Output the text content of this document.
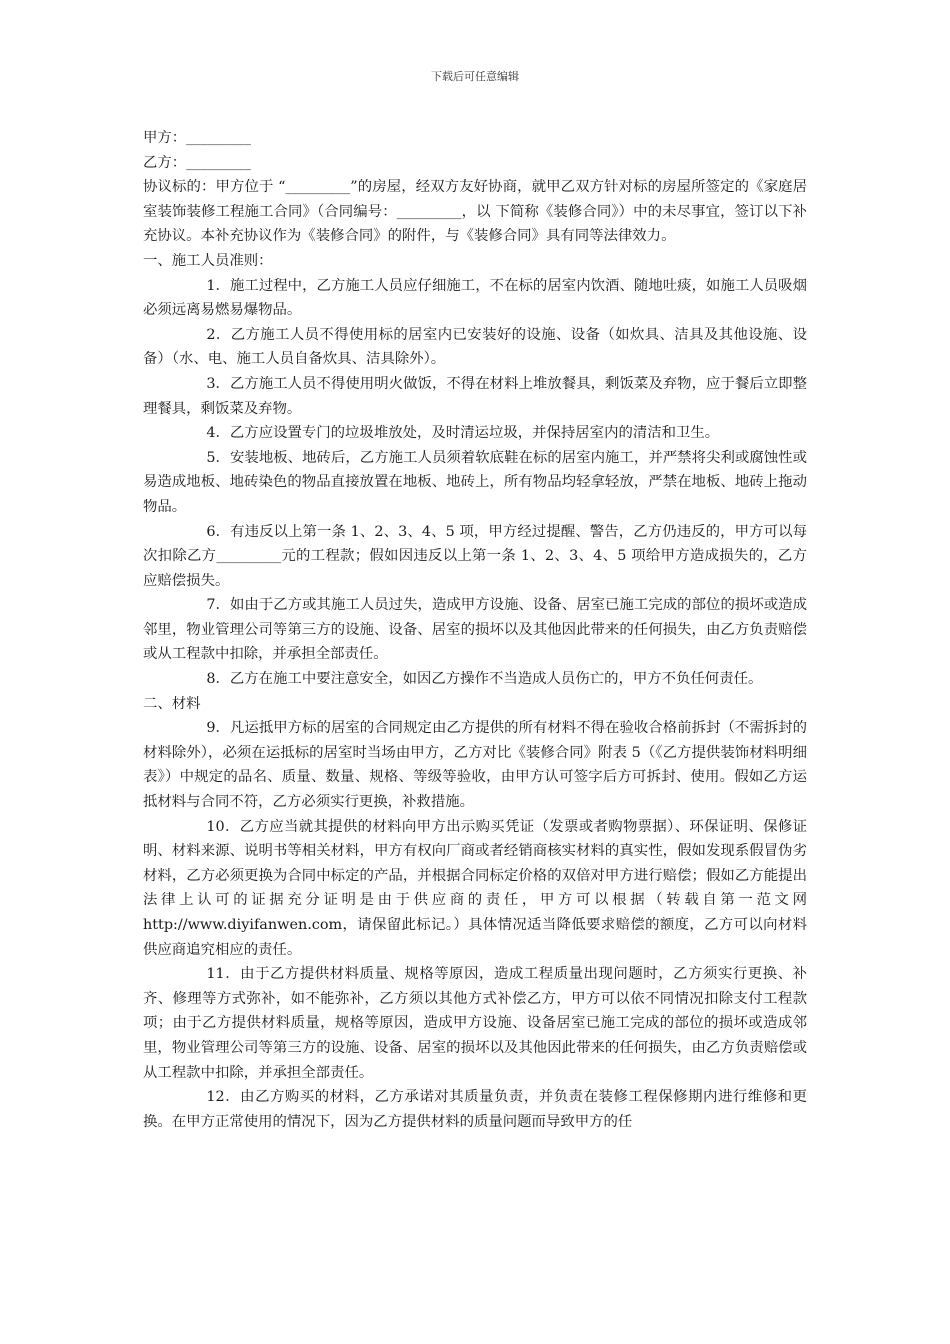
下载后可任意编辑

甲方：_________

乙方：_________

协议标的：甲方位于 “_________”的房屋，经双方友好协商，就甲乙双方针对标的房屋所签定的《家庭居室装饰装修工程施工合同》（合同编号：_________，以 下简称《装修合同》）中的未尽事宜，签订以下补充协议。本补充协议作为《装修合同》的附件，与《装修合同》具有同等法律效力。

一、施工人员准则：

1．施工过程中，乙方施工人员应仔细施工，不在标的居室内饮酒、随地吐痰，如施工人员吸烟必须远离易燃易爆物品。

2．乙方施工人员不得使用标的居室内已安装好的设施、设备（如炊具、洁具及其他设施、设备）（水、电、施工人员自备炊具、洁具除外）。

3．乙方施工人员不得使用明火做饭，不得在材料上堆放餐具，剩饭菜及弃物，应于餐后立即整理餐具，剩饭菜及弃物。

4．乙方应设置专门的垃圾堆放处，及时清运垃圾，并保持居室内的清洁和卫生。

5．安装地板、地砖后，乙方施工人员须着软底鞋在标的居室内施工，并严禁将尖利或腐蚀性或易造成地板、地砖染色的物品直接放置在地板、地砖上，所有物品均轻拿轻放，严禁在地板、地砖上拖动物品。

6．有违反以上第一条 1、2、3、4、5 项，甲方经过提醒、警告，乙方仍违反的，甲方可以每次扣除乙方_________元的工程款；假如因违反以上第一条 1、2、3、4、5 项给甲方造成损失的，乙方应赔偿损失。

7．如由于乙方或其施工人员过失，造成甲方设施、设备、居室已施工完成的部位的损坏或造成邻里，物业管理公司等第三方的设施、设备、居室的损坏以及其他因此带来的任何损失，由乙方负责赔偿或从工程款中扣除，并承担全部责任。

8．乙方在施工中要注意安全，如因乙方操作不当造成人员伤亡的，甲方不负任何责任。

二、材料

9．凡运抵甲方标的居室的合同规定由乙方提供的所有材料不得在验收合格前拆封（不需拆封的材料除外），必须在运抵标的居室时当场由甲方，乙方对比《装修合同》附表 5（《乙方提供装饰材料明细表》）中规定的品名、质量、数量、规格、等级等验收，由甲方认可签字后方可拆封、使用。假如乙方运抵材料与合同不符，乙方必须实行更换，补救措施。

10．乙方应当就其提供的材料向甲方出示购买凭证（发票或者购物票据）、环保证明、保修证明、材料来源、说明书等相关材料，甲方有权向厂商或者经销商核实材料的真实性，假如发现系假冒伪劣材料，乙方必须更换为合同中标定的产品，并根据合同标定价格的双倍对甲方进行赔偿；假如乙方能提出法律上认可的证据充分证明是由于供应商的责任，甲方可以根据（转载自第一范文网 http://www.diyifanwen.com，请保留此标记。）具体情况适当降低要求赔偿的额度，乙方可以向材料供应商追究相应的责任。

11．由于乙方提供材料质量、规格等原因，造成工程质量出现问题时，乙方须实行更换、补齐、修理等方式弥补，如不能弥补，乙方须以其他方式补偿乙方，甲方可以依不同情况扣除支付工程款项；由于乙方提供材料质量，规格等原因，造成甲方设施、设备居室已施工完成的部位的损坏或造成邻里，物业管理公司等第三方的设施、设备、居室的损坏以及其他因此带来的任何损失，由乙方负责赔偿或从工程款中扣除，并承担全部责任。

12．由乙方购买的材料，乙方承诺对其质量负责，并负责在装修工程保修期内进行维修和更换。在甲方正常使用的情况下，因为乙方提供材料的质量问题而导致甲方的任
